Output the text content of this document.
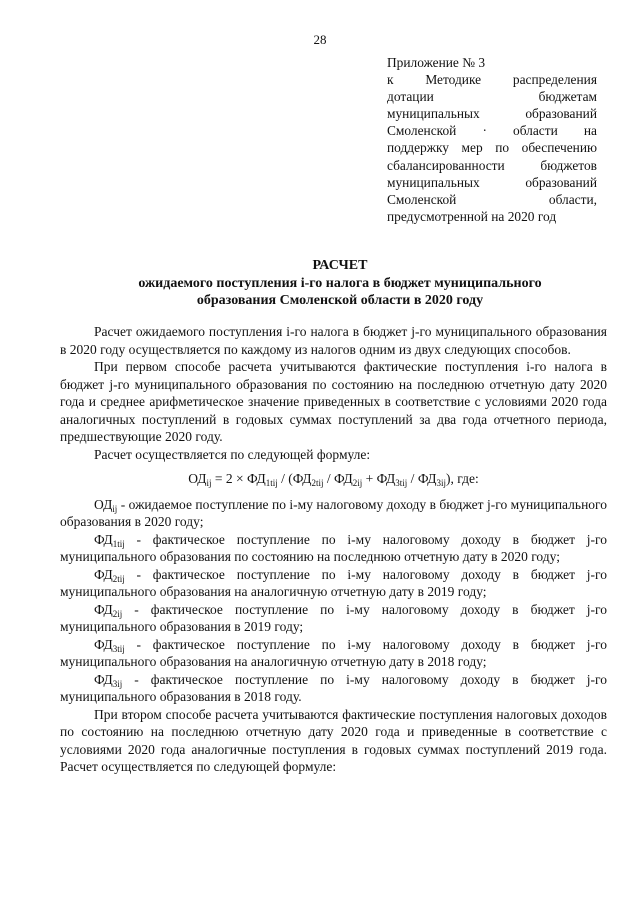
28
Приложение № 3
к Методике распределения
дотации бюджетам
муниципальных образований
Смоленской · области на
поддержку мер по обеспечению
сбалансированности бюджетов
муниципальных образований
Смоленской области,
предусмотренной на 2020 год
РАСЧЕТ
ожидаемого поступления i-го налога в бюджет муниципального
образования Смоленской области в 2020 году

Расчет ожидаемого поступления i-го налога в бюджет j-го муниципального образования в 2020 году осуществляется по каждому из налогов одним из двух следующих способов.

При первом способе расчета учитываются фактические поступления i-го налога в бюджет j-го муниципального образования по состоянию на последнюю отчетную дату 2020 года и среднее арифметическое значение приведенных в соответствие с условиями 2020 года аналогичных поступлений в годовых суммах поступлений за два года отчетного периода, предшествующие 2020 году.

Расчет осуществляется по следующей формуле:

$ОД_{ij} = 2 \times ФД_{1tij} / (ФД_{2tij} / ФД_{2ij} + ФД_{3tij} / ФД_{3ij})$, где:

$ОД_{ij}$ - ожидаемое поступление по i-му налоговому доходу в бюджет j-го муниципального образования в 2020 году;

$ФД_{1tij}$ - фактическое поступление по i-му налоговому доходу в бюджет j-го муниципального образования по состоянию на последнюю отчетную дату в 2020 году;

$ФД_{2tij}$ - фактическое поступление по i-му налоговому доходу в бюджет j-го муниципального образования на аналогичную отчетную дату в 2019 году;

$ФД_{2ij}$ - фактическое поступление по i-му налоговому доходу в бюджет j-го муниципального образования в 2019 году;

$ФД_{3tij}$ - фактическое поступление по i-му налоговому доходу в бюджет j-го муниципального образования на аналогичную отчетную дату в 2018 году;

$ФД_{3ij}$ - фактическое поступление по i-му налоговому доходу в бюджет j-го муниципального образования в 2018 году.

При втором способе расчета учитываются фактические поступления налоговых доходов по состоянию на последнюю отчетную дату 2020 года и приведенные в соответствие с условиями 2020 года аналогичные поступления в годовых суммах поступлений 2019 года. Расчет осуществляется по следующей формуле:
